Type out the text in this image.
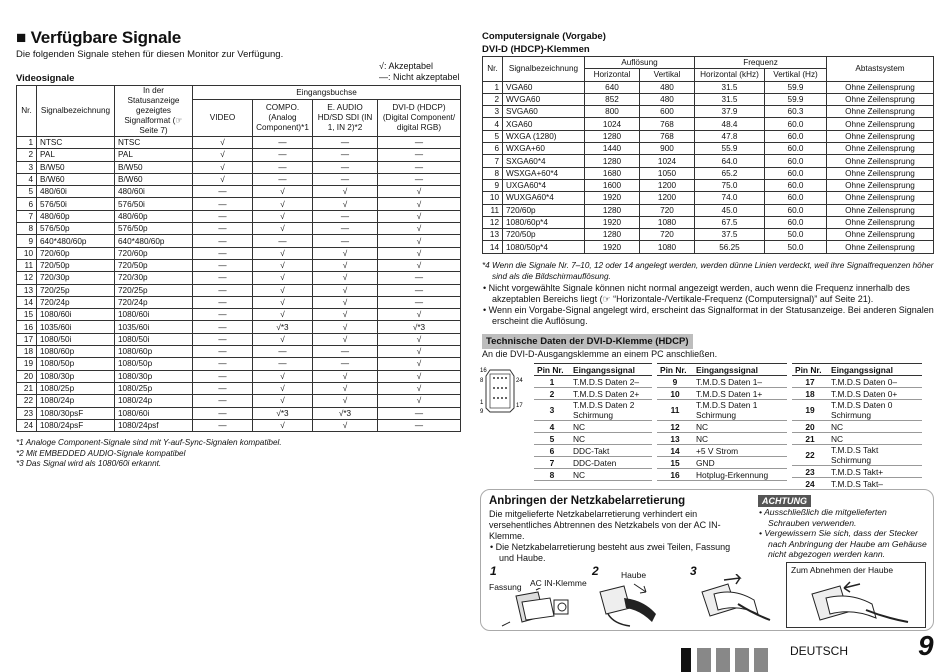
■ Verfügbare Signale
Die folgenden Signale stehen für diesen Monitor zur Verfügung.
√: Akzeptabel
—: Nicht akzeptabel
Videosignale
Nr.	Signalbezeichnung	In der Statusanzeige gezeigtes Signalformat (☞ Seite 7)	Eingangsbuchse			
			VIDEO	COMPO. (Analog Component)*1	E. AUDIO HD/SD SDI (IN 1, IN 2)*2	DVI-D (HDCP) (Digital Component/ digital RGB)
1	NTSC	NTSC	√	—	—	—
2	PAL	PAL	√	—	—	—
3	B/W50	B/W50	√	—	—	—
4	B/W60	B/W60	√	—	—	—
5	480/60i	480/60i	—	√	√	√
6	576/50i	576/50i	—	√	√	√
7	480/60p	480/60p	—	√	—	√
8	576/50p	576/50p	—	√	—	√
9	640*480/60p	640*480/60p	—	—	—	√
10	720/60p	720/60p	—	√	√	√
11	720/50p	720/50p	—	√	√	√
12	720/30p	720/30p	—	√	√	—
13	720/25p	720/25p	—	√	√	—
14	720/24p	720/24p	—	√	√	—
15	1080/60i	1080/60i	—	√	√	√
16	1035/60i	1035/60i	—	√*3	√	√*3
17	1080/50i	1080/50i	—	√	√	√
18	1080/60p	1080/60p	—	—	—	√
19	1080/50p	1080/50p	—	—	—	√
20	1080/30p	1080/30p	—	√	√	√
21	1080/25p	1080/25p	—	√	√	√
22	1080/24p	1080/24p	—	√	√	√
23	1080/30psF	1080/60i	—	√*3	√*3	—
24	1080/24psF	1080/24psf	—	√	√	—
*1 Analoge Component-Signale sind mit Y-auf-Sync-Signalen kompatibel.
*2 Mit EMBEDDED AUDIO-Signale kompatibel
*3 Das Signal wird als 1080/60i erkannt.
Computersignale (Vorgabe)
DVI-D (HDCP)-Klemmen
Nr.	Signalbezeichnung	Auflösung		Frequenz		Abtastsystem
		Horizontal	Vertikal	Horizontal (kHz)	Vertikal (Hz)	
1	VGA60	640	480	31.5	59.9	Ohne Zeilensprung
2	WVGA60	852	480	31.5	59.9	Ohne Zeilensprung
3	SVGA60	800	600	37.9	60.3	Ohne Zeilensprung
4	XGA60	1024	768	48.4	60.0	Ohne Zeilensprung
5	WXGA (1280)	1280	768	47.8	60.0	Ohne Zeilensprung
6	WXGA+60	1440	900	55.9	60.0	Ohne Zeilensprung
7	SXGA60*4	1280	1024	64.0	60.0	Ohne Zeilensprung
8	WSXGA+60*4	1680	1050	65.2	60.0	Ohne Zeilensprung
9	UXGA60*4	1600	1200	75.0	60.0	Ohne Zeilensprung
10	WUXGA60*4	1920	1200	74.0	60.0	Ohne Zeilensprung
11	720/60p	1280	720	45.0	60.0	Ohne Zeilensprung
12	1080/60p*4	1920	1080	67.5	60.0	Ohne Zeilensprung
13	720/50p	1280	720	37.5	50.0	Ohne Zeilensprung
14	1080/50p*4	1920	1080	56.25	50.0	Ohne Zeilensprung
*4 Wenn die Signale Nr. 7–10, 12 oder 14 angelegt werden, werden dünne Linien verdeckt, weil ihre Signalfrequenzen höher sind als die Bildschirmauflösung.
• Nicht vorgewählte Signale können nicht normal angezeigt werden, auch wenn die Frequenz innerhalb des akzeptablen Bereichs liegt (☞ “Horizontale-/Vertikale-Frequenz (Computersignal)” auf Seite 21).
• Wenn ein Vorgabe-Signal angelegt wird, erscheint das Signalformat in der Statusanzeige. Bei anderen Signalen erscheint die Auflösung.
Technische Daten der DVI-D-Klemme (HDCP)
An die DVI-D-Ausgangsklemme an einem PC anschließen.
16
8	24
1
9
17
Pin Nr.	Eingangssignal
1	T.M.D.S Daten 2–
2	T.M.D.S Daten 2+
3	T.M.D.S Daten 2 Schirmung
4	NC
5	NC
6	DDC-Takt
7	DDC-Daten
8	NC
Pin Nr.	Eingangssignal
9	T.M.D.S Daten 1–
10	T.M.D.S Daten 1+
11	T.M.D.S Daten 1 Schirmung
12	NC
13	NC
14	+5 V Strom
15	GND
16	Hotplug-Erkennung
Pin Nr.	Eingangssignal
17	T.M.D.S Daten 0–
18	T.M.D.S Daten 0+
19	T.M.D.S Daten 0 Schirmung
20	NC
21	NC
22	T.M.D.S Takt Schirmung
23	T.M.D.S Takt+
24	T.M.D.S Takt–
Anbringen der Netzkabelarretierung
Die mitgelieferte Netzkabelarretierung verhindert ein versehentliches Abtrennen des Netzkabels von der AC IN-Klemme.
• Die Netzkabelarretierung besteht aus zwei Teilen, Fassung und Haube.
ACHTUNG
• Ausschließlich die mitgelieferten Schrauben verwenden.
• Vergewissern Sie sich, dass der Stecker nach Anbringung der Haube am Gehäuse nicht abgezogen werden kann.
1	2	3
Fassung AC IN-Klemme
Haube	Zum Abnehmen der Haube
DEUTSCH 9
